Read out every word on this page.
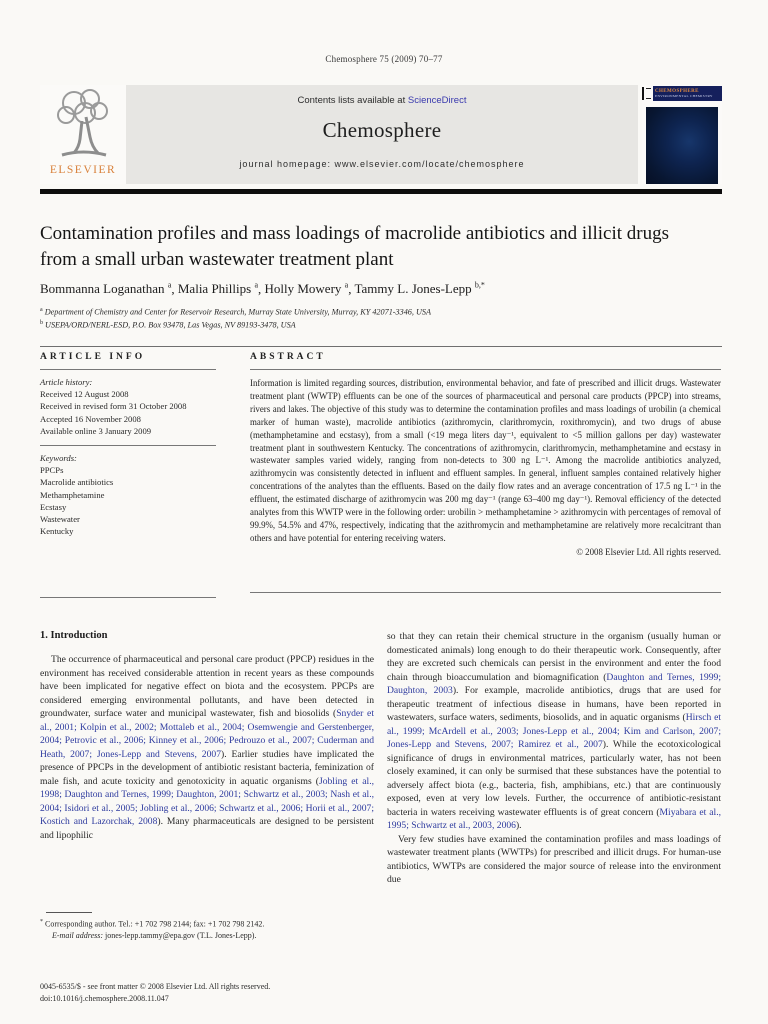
Chemosphere 75 (2009) 70–77
ELSEVIER
Contents lists available at ScienceDirect
Chemosphere
journal homepage: www.elsevier.com/locate/chemosphere
CHEMOSPHERE
ENVIRONMENTAL CHEMISTRY
Contamination profiles and mass loadings of macrolide antibiotics and illicit drugs from a small urban wastewater treatment plant
Bommanna Loganathan $^a$, Malia Phillips $^a$, Holly Mowery $^a$, Tammy L. Jones-Lepp $^{b,*}$
$^a$ Department of Chemistry and Center for Reservoir Research, Murray State University, Murray, KY 42071-3346, USA
$^b$ USEPA/ORD/NERL-ESD, P.O. Box 93478, Las Vegas, NV 89193-3478, USA
ARTICLE INFO
Article history:
Received 12 August 2008
Received in revised form 31 October 2008
Accepted 16 November 2008
Available online 3 January 2009
Keywords:
PPCPs
Macrolide antibiotics
Methamphetamine
Ecstasy
Wastewater
Kentucky
ABSTRACT
Information is limited regarding sources, distribution, environmental behavior, and fate of prescribed and illicit drugs. Wastewater treatment plant (WWTP) effluents can be one of the sources of pharmaceutical and personal care products (PPCP) into streams, rivers and lakes. The objective of this study was to determine the contamination profiles and mass loadings of urobilin (a chemical marker of human waste), macrolide antibiotics (azithromycin, clarithromycin, roxithromycin), and two drugs of abuse (methamphetamine and ecstasy), from a small (<19 mega liters day⁻¹, equivalent to <5 million gallons per day) wastewater treatment plant in southwestern Kentucky. The concentrations of azithromycin, clarithromycin, methamphetamine and ecstasy in wastewater samples varied widely, ranging from non-detects to 300 ng L⁻¹. Among the macrolide antibiotics analyzed, azithromycin was consistently detected in influent and effluent samples. In general, influent samples contained relatively higher concentrations of the analytes than the effluents. Based on the daily flow rates and an average concentration of 17.5 ng L⁻¹ in the effluent, the estimated discharge of azithromycin was 200 mg day⁻¹ (range 63–400 mg day⁻¹). Removal efficiency of the detected analytes from this WWTP were in the following order: urobilin > methamphetamine > azithromycin with percentages of removal of 99.9%, 54.5% and 47%, respectively, indicating that the azithromycin and methamphetamine are relatively more recalcitrant than others and have potential for entering receiving waters.
© 2008 Elsevier Ltd. All rights reserved.
1. Introduction

The occurrence of pharmaceutical and personal care product (PPCP) residues in the environment has received considerable attention in recent years as these compounds have been implicated for negative effect on biota and the ecosystem. PPCPs are considered emerging environmental pollutants, and have been detected in groundwater, surface water and municipal wastewater, fish and biosolids (Snyder et al., 2001; Kolpin et al., 2002; Mottaleb et al., 2004; Osemwengie and Gerstenberger, 2004; Petrovic et al., 2006; Kinney et al., 2006; Pedrouzo et al., 2007; Cuderman and Heath, 2007; Jones-Lepp and Stevens, 2007). Earlier studies have implicated the presence of PPCPs in the development of antibiotic resistant bacteria, feminization of male fish, and acute toxicity and genotoxicity in aquatic organisms (Jobling et al., 1998; Daughton and Ternes, 1999; Daughton, 2001; Schwartz et al., 2003; Nash et al., 2004; Isidori et al., 2005; Jobling et al., 2006; Schwartz et al., 2006; Horii et al., 2007; Kostich and Lazorchak, 2008). Many pharmaceuticals are designed to be persistent and lipophilic

so that they can retain their chemical structure in the organism (usually human or domesticated animals) long enough to do their therapeutic work. Consequently, after they are excreted such chemicals can persist in the environment and enter the food chain through bioaccumulation and biomagnification (Daughton and Ternes, 1999; Daughton, 2003). For example, macrolide antibiotics, drugs that are used for therapeutic treatment of infectious disease in humans, have been reported in wastewaters, surface waters, sediments, biosolids, and in aquatic organisms (Hirsch et al., 1999; McArdell et al., 2003; Jones-Lepp et al., 2004; Kim and Carlson, 2007; Jones-Lepp and Stevens, 2007; Ramirez et al., 2007). While the ecotoxicological significance of drugs in environmental matrices, particularly water, has not been closely examined, it can only be surmised that these substances have the potential to adversely affect biota (e.g., bacteria, fish, amphibians, etc.) that are continuously exposed, even at very low levels. Further, the occurrence of antibiotic-resistant bacteria in waters receiving wastewater effluents is of great concern (Miyabara et al., 1995; Schwartz et al., 2003, 2006).

Very few studies have examined the contamination profiles and mass loadings of wastewater treatment plants (WWTPs) for prescribed and illicit drugs. For human-use antibiotics, WWTPs are considered the major source of release into the environment due

* Corresponding author. Tel.: +1 702 798 2144; fax: +1 702 798 2142.
E-mail address: jones-lepp.tammy@epa.gov (T.L. Jones-Lepp).
0045-6535/$ - see front matter © 2008 Elsevier Ltd. All rights reserved.
doi:10.1016/j.chemosphere.2008.11.047
